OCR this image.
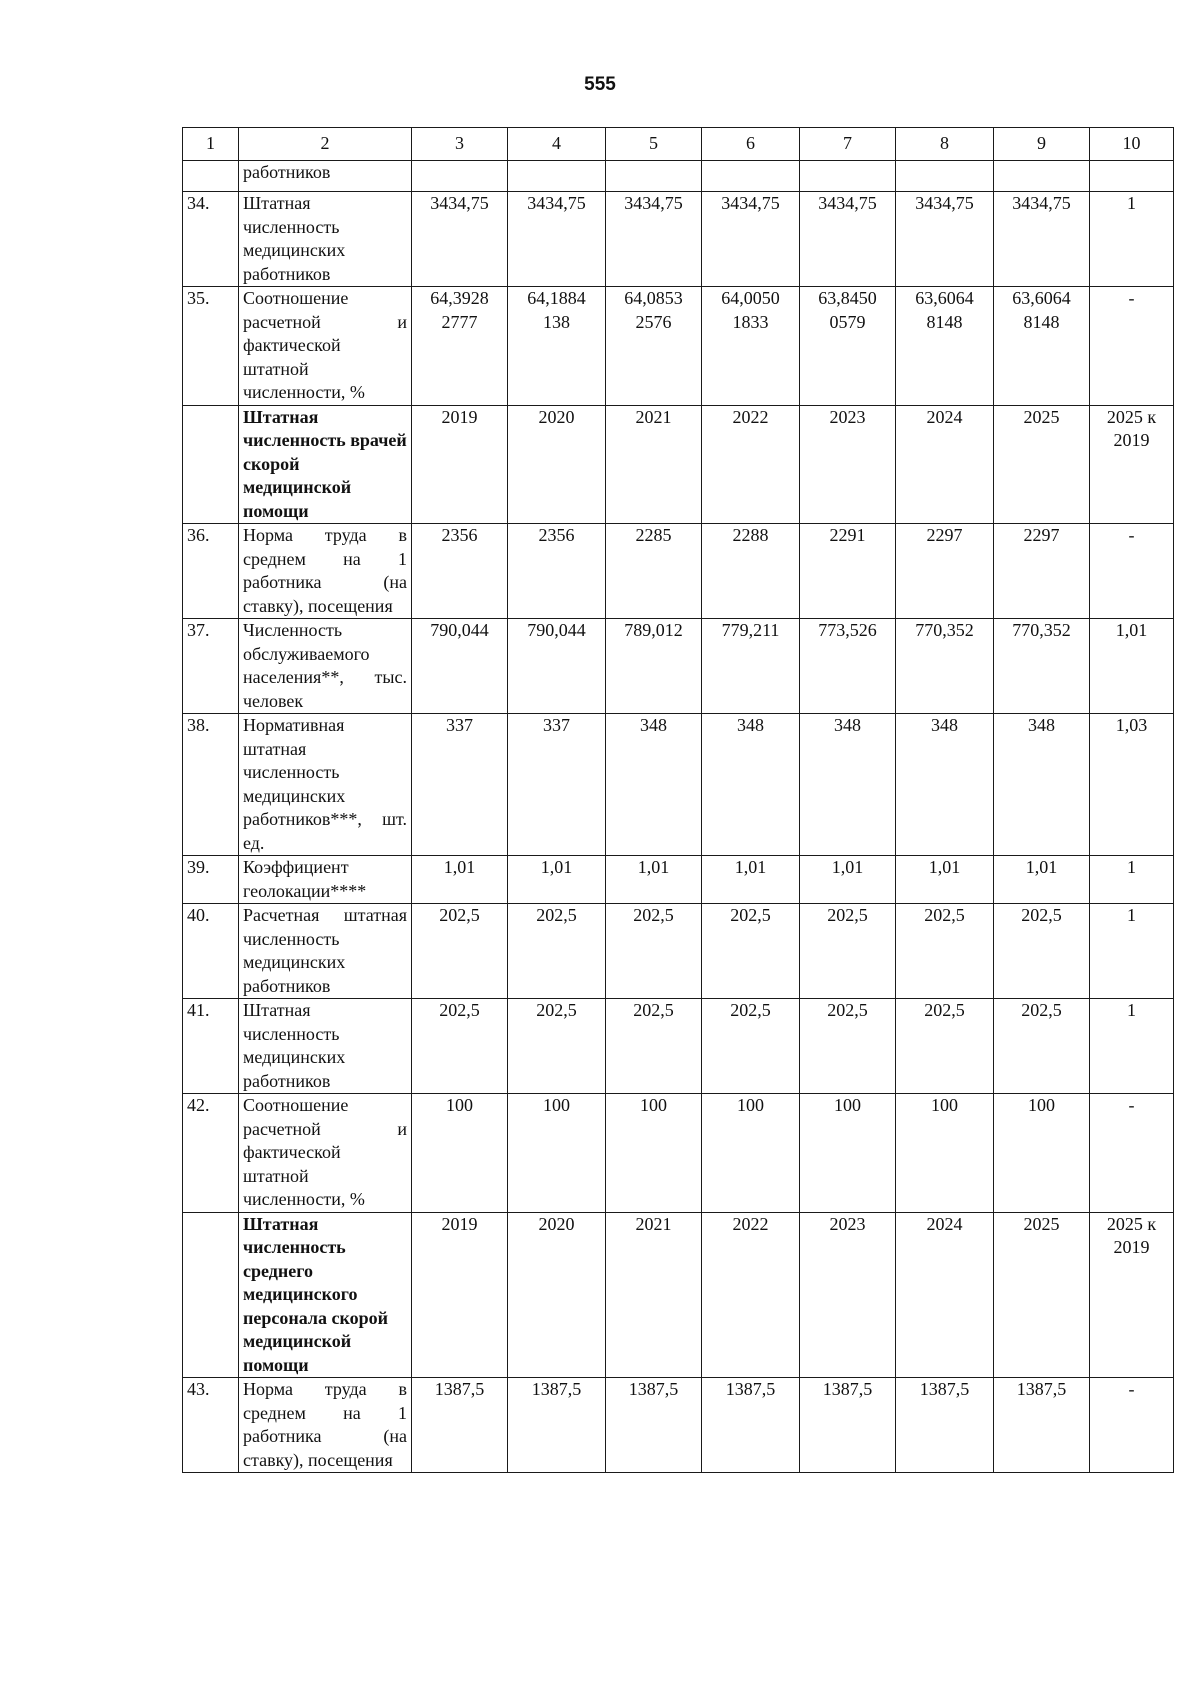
555
1	2	3	4	5	6	7	8	9	10
	работников								
34.	Штатная численность медицинских работников	3434,75	3434,75	3434,75	3434,75	3434,75	3434,75	3434,75	1
35.	Соотношение расчетной и фактической штатной численности, %	64,3928 2777	64,1884 138	64,0853 2576	64,0050 1833	63,8450 0579	63,6064 8148	63,6064 8148	-
	Штатная численность врачей скорой медицинской помощи	2019	2020	2021	2022	2023	2024	2025	2025 к 2019
36.	Норма труда в среднем на 1 работника (на ставку), посещения	2356	2356	2285	2288	2291	2297	2297	-
37.	Численность обслуживаемого населения**, тыс. человек	790,044	790,044	789,012	779,211	773,526	770,352	770,352	1,01
38.	Нормативная штатная численность медицинских работников***, шт. ед.	337	337	348	348	348	348	348	1,03
39.	Коэффициент геолокации****	1,01	1,01	1,01	1,01	1,01	1,01	1,01	1
40.	Расчетная штатная численность медицинских работников	202,5	202,5	202,5	202,5	202,5	202,5	202,5	1
41.	Штатная численность медицинских работников	202,5	202,5	202,5	202,5	202,5	202,5	202,5	1
42.	Соотношение расчетной и фактической штатной численности, %	100	100	100	100	100	100	100	-
	Штатная численность среднего медицинского персонала скорой медицинской помощи	2019	2020	2021	2022	2023	2024	2025	2025 к 2019
43.	Норма труда в среднем на 1 работника (на ставку), посещения	1387,5	1387,5	1387,5	1387,5	1387,5	1387,5	1387,5	-
